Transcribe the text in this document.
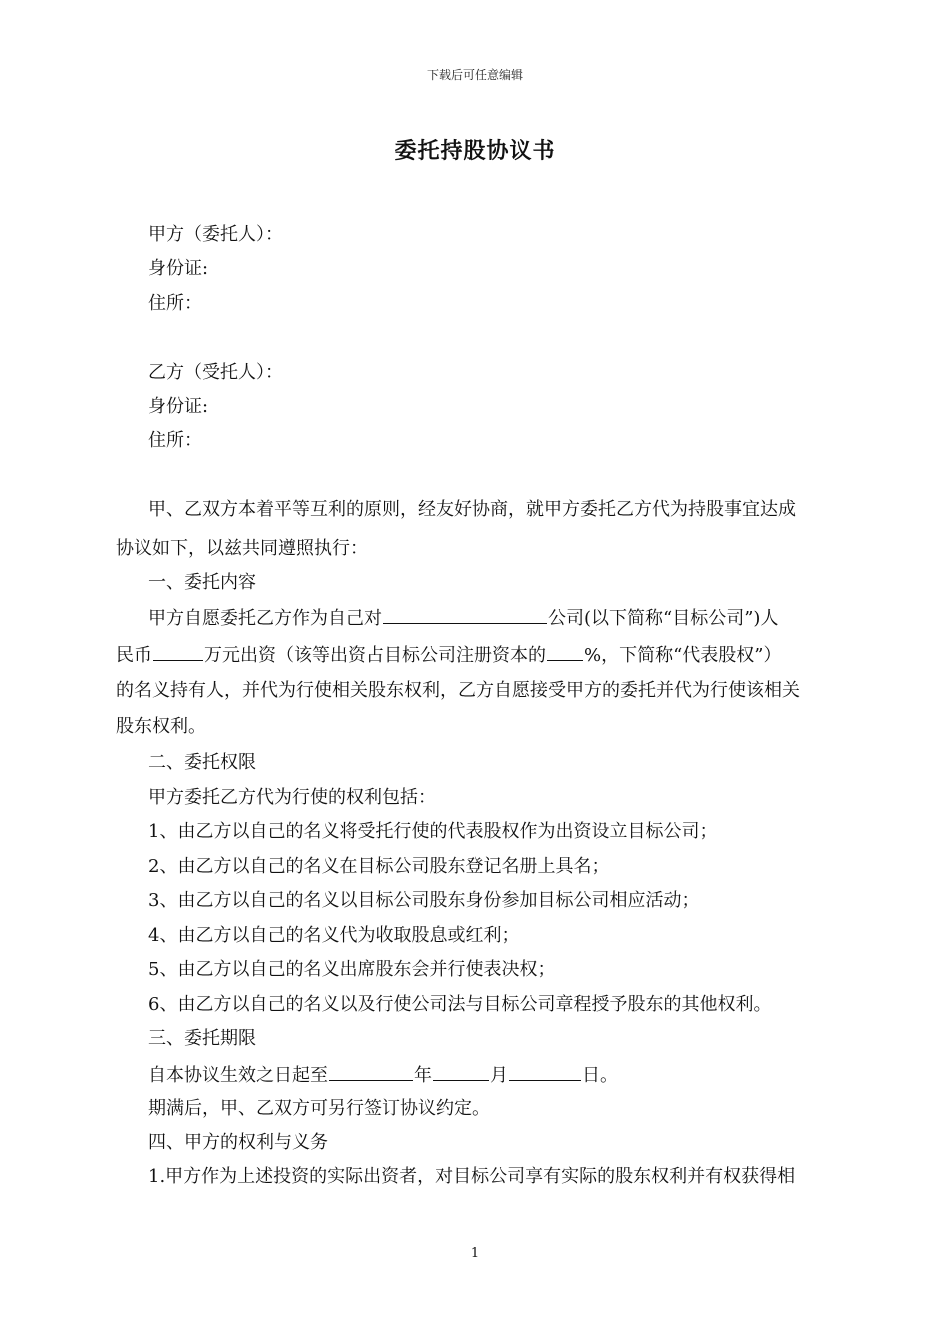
下载后可任意编辑
委托持股协议书
甲方（委托人）：
身份证:
住所：
乙方（受托人）：
身份证:
住所：
甲、乙双方本着平等互利的原则，经友好协商，就甲方委托乙方代为持股事宜达成
协议如下，以兹共同遵照执行：
一、委托内容
甲方自愿委托乙方作为自己对	公司(以下简称“目标公司”)人
民币	万元出资（该等出资占目标公司注册资本的 %，下简称“代表股权”）
的名义持有人，并代为行使相关股东权利，乙方自愿接受甲方的委托并代为行使该相关
股东权利。
二、委托权限
甲方委托乙方代为行使的权利包括：
1、由乙方以自己的名义将受托行使的代表股权作为出资设立目标公司；
2、由乙方以自己的名义在目标公司股东登记名册上具名；
3、由乙方以自己的名义以目标公司股东身份参加目标公司相应活动；
4、由乙方以自己的名义代为收取股息或红利；
5、由乙方以自己的名义出席股东会并行使表决权；
6、由乙方以自己的名义以及行使公司法与目标公司章程授予股东的其他权利。
三、委托期限
自本协议生效之日起至	年	月	日。
期满后，甲、乙双方可另行签订协议约定。
四、甲方的权利与义务
1.甲方作为上述投资的实际出资者，对目标公司享有实际的股东权利并有权获得相
1
